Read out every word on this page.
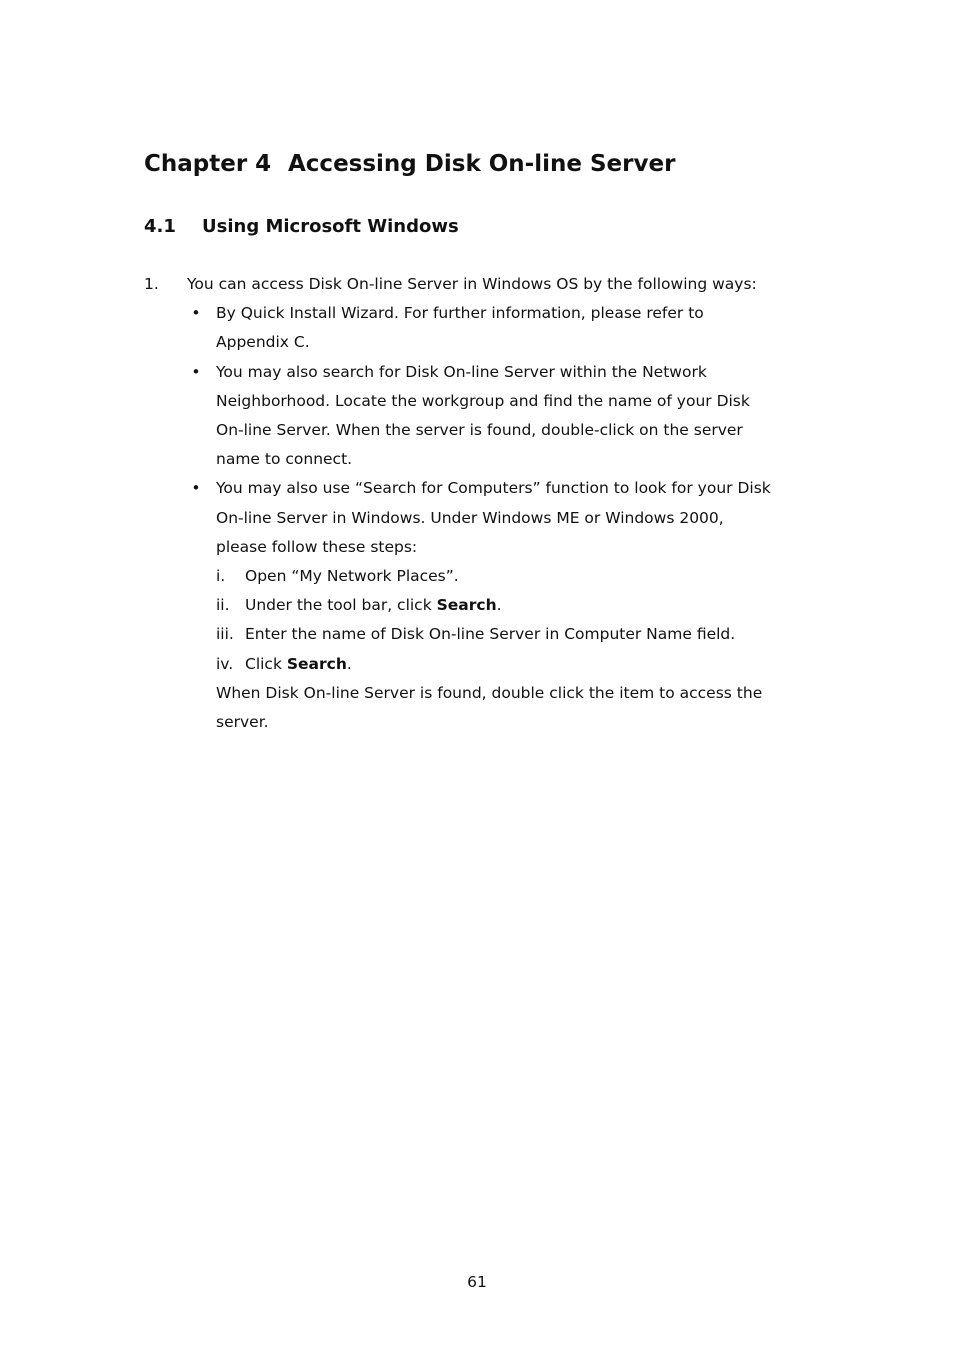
Chapter 4 Accessing Disk On-line Server
4.1 Using Microsoft Windows
1. You can access Disk On-line Server in Windows OS by the following ways:
• By Quick Install Wizard. For further information, please refer to
Appendix C.
• You may also search for Disk On-line Server within the Network
Neighborhood. Locate the workgroup and find the name of your Disk
On-line Server. When the server is found, double-click on the server
name to connect.
• You may also use “Search for Computers” function to look for your Disk
On-line Server in Windows. Under Windows ME or Windows 2000,
please follow these steps:
i. Open “My Network Places”.
ii. Under the tool bar, click Search.
iii. Enter the name of Disk On-line Server in Computer Name field.
iv. Click Search.
When Disk On-line Server is found, double click the item to access the
server.
61
